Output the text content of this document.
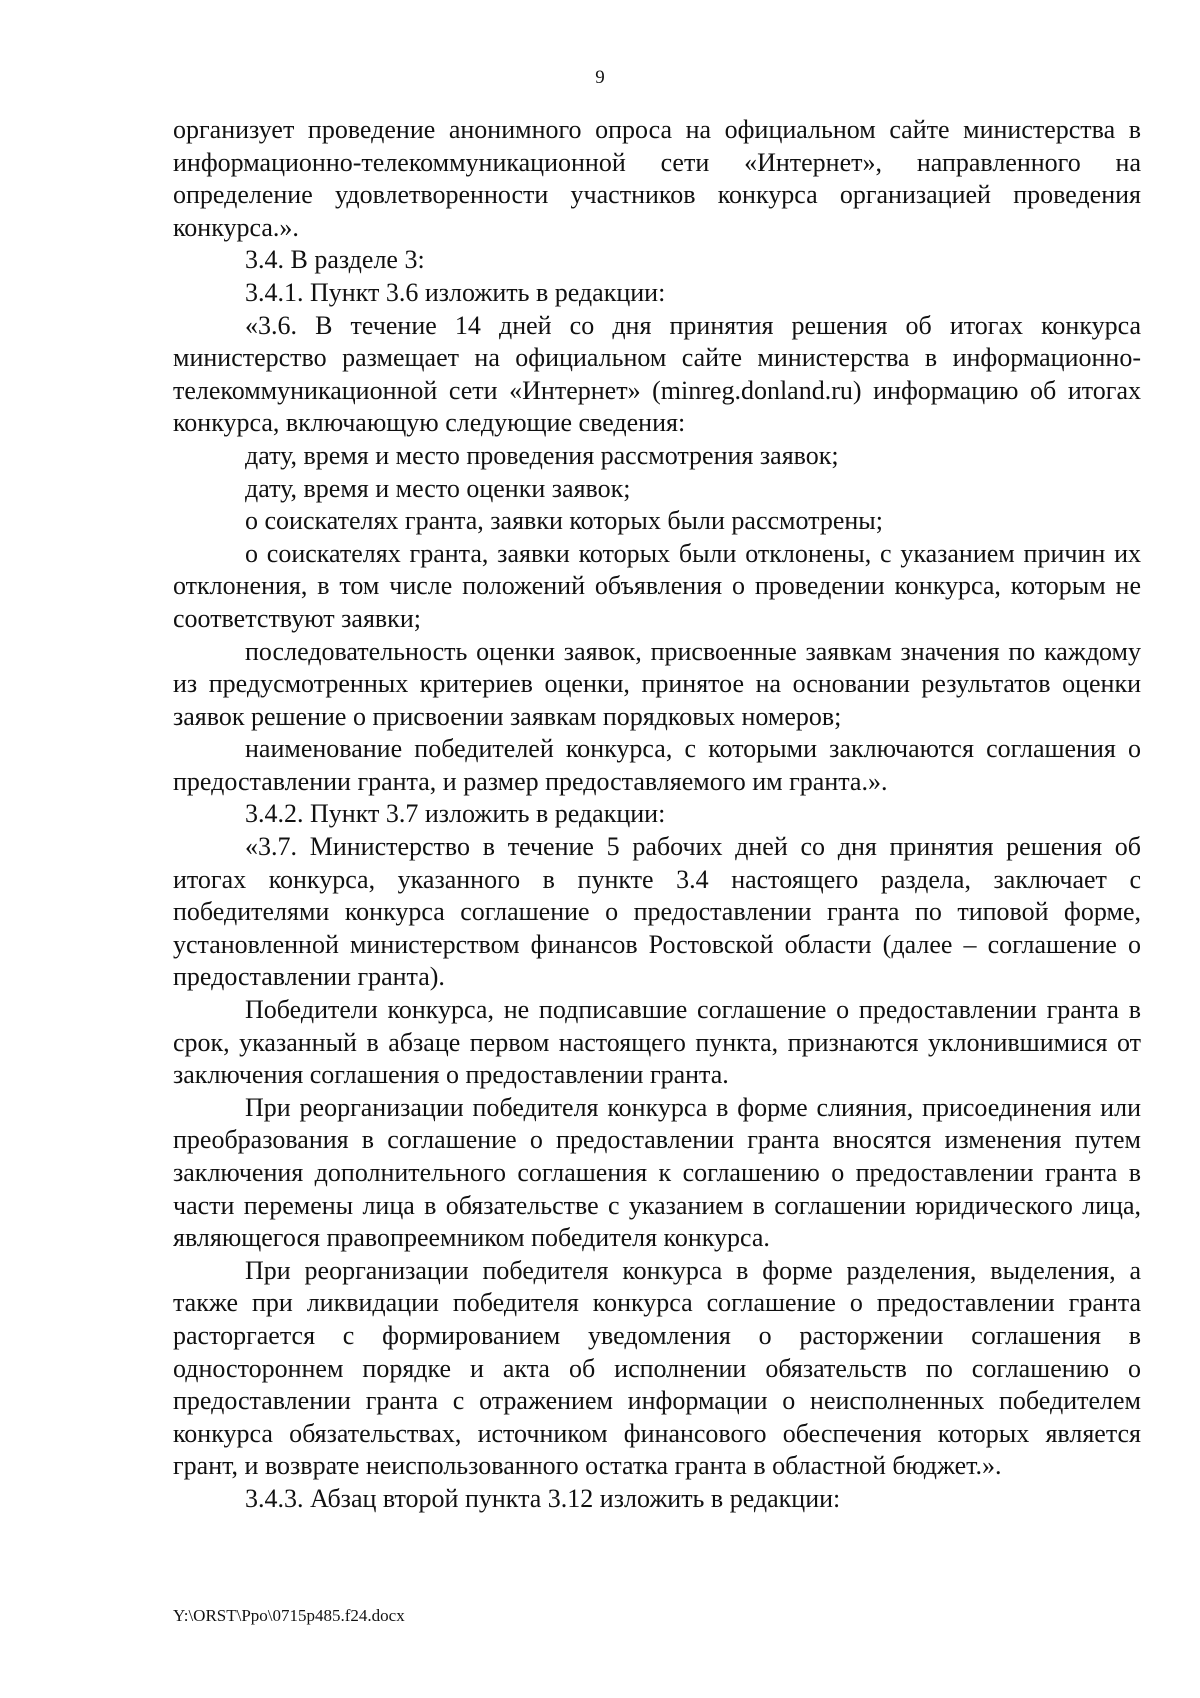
9

организует проведение анонимного опроса на официальном сайте министерства в информационно-телекоммуникационной сети «Интернет», направленного на определение удовлетворенности участников конкурса организацией проведения конкурса.».

3.4. В разделе 3:

3.4.1. Пункт 3.6 изложить в редакции:

«3.6. В течение 14 дней со дня принятия решения об итогах конкурса министерство размещает на официальном сайте министерства в информационно-телекоммуникационной сети «Интернет» (minreg.donland.ru) информацию об итогах конкурса, включающую следующие сведения:

дату, время и место проведения рассмотрения заявок;

дату, время и место оценки заявок;

о соискателях гранта, заявки которых были рассмотрены;

о соискателях гранта, заявки которых были отклонены, с указанием причин их отклонения, в том числе положений объявления о проведении конкурса, которым не соответствуют заявки;

последовательность оценки заявок, присвоенные заявкам значения по каждому из предусмотренных критериев оценки, принятое на основании результатов оценки заявок решение о присвоении заявкам порядковых номеров;

наименование победителей конкурса, с которыми заключаются соглашения о предоставлении гранта, и размер предоставляемого им гранта.».

3.4.2. Пункт 3.7 изложить в редакции:

«3.7. Министерство в течение 5 рабочих дней со дня принятия решения об итогах конкурса, указанного в пункте 3.4 настоящего раздела, заключает с победителями конкурса соглашение о предоставлении гранта по типовой форме, установленной министерством финансов Ростовской области (далее – соглашение о предоставлении гранта).

Победители конкурса, не подписавшие соглашение о предоставлении гранта в срок, указанный в абзаце первом настоящего пункта, признаются уклонившимися от заключения соглашения о предоставлении гранта.

При реорганизации победителя конкурса в форме слияния, присоединения или преобразования в соглашение о предоставлении гранта вносятся изменения путем заключения дополнительного соглашения к соглашению о предоставлении гранта в части перемены лица в обязательстве с указанием в соглашении юридического лица, являющегося правопреемником победителя конкурса.

При реорганизации победителя конкурса в форме разделения, выделения, а также при ликвидации победителя конкурса соглашение о предоставлении гранта расторгается с формированием уведомления о расторжении соглашения в одностороннем порядке и акта об исполнении обязательств по соглашению о предоставлении гранта с отражением информации о неисполненных победителем конкурса обязательствах, источником финансового обеспечения которых является грант, и возврате неиспользованного остатка гранта в областной бюджет.».

3.4.3. Абзац второй пункта 3.12 изложить в редакции:

Y:\ORST\Ppo\0715p485.f24.docx
